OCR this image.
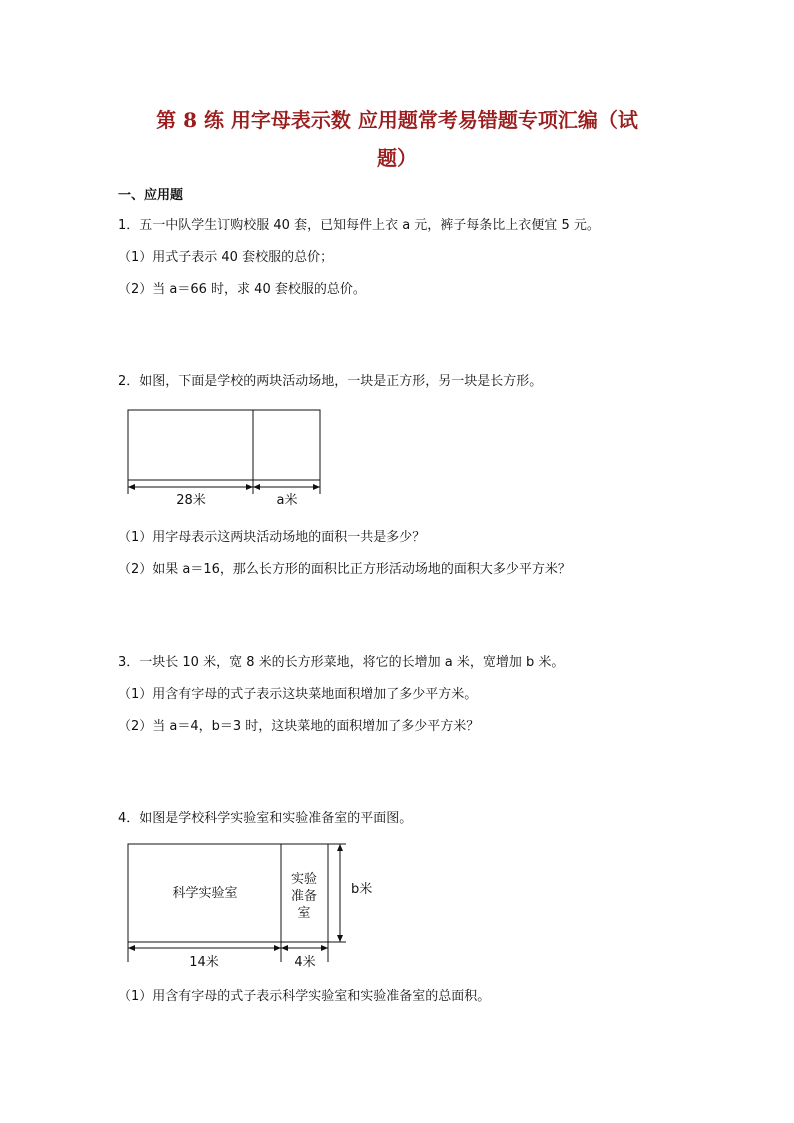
第 8 练 用字母表示数 应用题常考易错题专项汇编（试
题）
一、应用题
1．五一中队学生订购校服 40 套，已知每件上衣 a 元，裤子每条比上衣便宜 5 元。
（1）用式子表示 40 套校服的总价；
（2）当 a＝66 时，求 40 套校服的总价。
2．如图，下面是学校的两块活动场地，一块是正方形，另一块是长方形。
28米	a米
（1）用字母表示这两块活动场地的面积一共是多少？
（2）如果 a＝16，那么长方形的面积比正方形活动场地的面积大多少平方米？
3．一块长 10 米，宽 8 米的长方形菜地，将它的长增加 a 米，宽增加 b 米。
（1）用含有字母的式子表示这块菜地面积增加了多少平方米。
（2）当 a＝4，b＝3 时，这块菜地的面积增加了多少平方米？
4．如图是学校科学实验室和实验准备室的平面图。
科学实验室
实验
准备
室
14米	4米
b米
（1）用含有字母的式子表示科学实验室和实验准备室的总面积。
